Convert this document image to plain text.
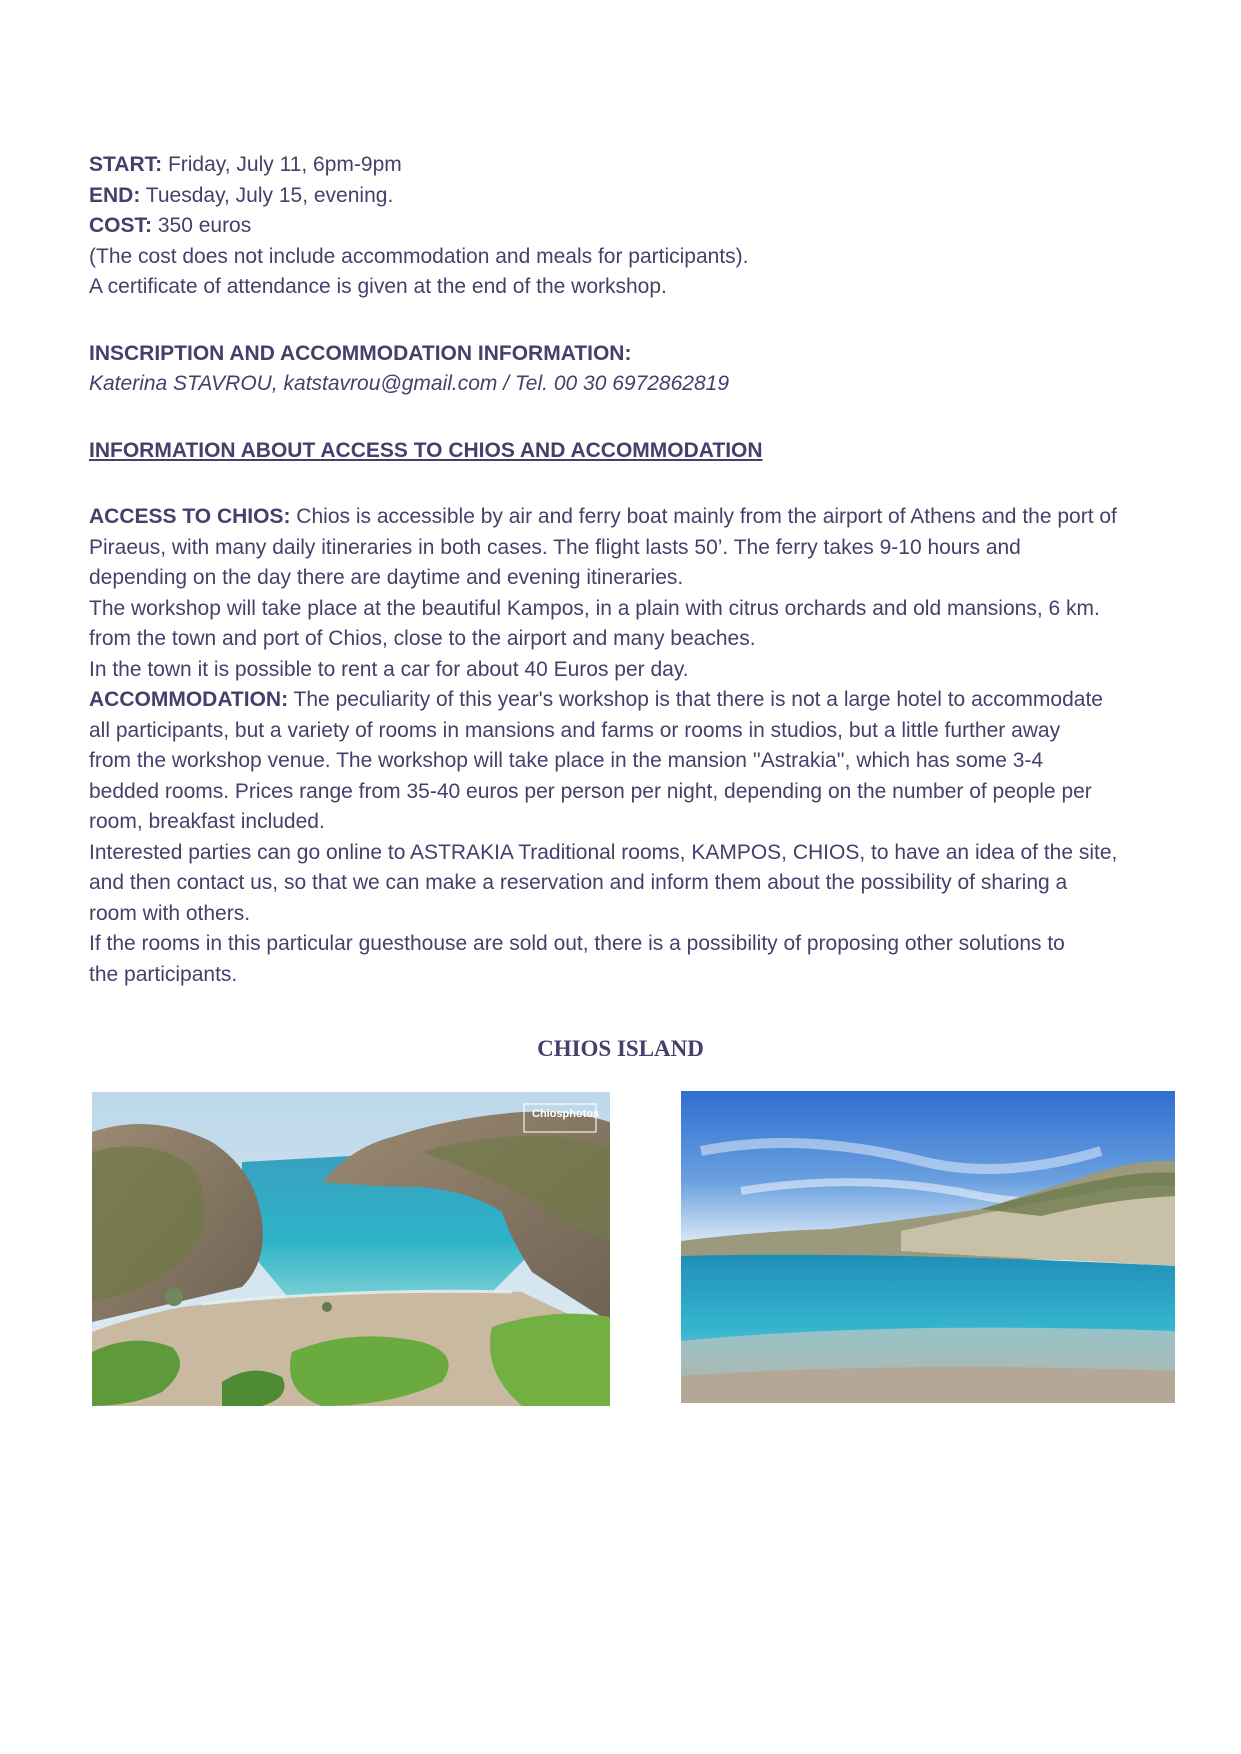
START: Friday, July 11, 6pm-9pm

END: Tuesday, July 15, evening.

COST: 350 euros

(The cost does not include accommodation and meals for participants).

A certificate of attendance is given at the end of the workshop.

INSCRIPTION AND ACCOMMODATION INFORMATION:

Katerina STAVROU, katstavrou@gmail.com / Tel. 00 30 6972862819

INFORMATION ABOUT ACCESS TO CHIOS AND ACCOMMODATION

ACCESS TO CHIOS: Chios is accessible by air and ferry boat mainly from the airport of Athens and the port of

Piraeus, with many daily itineraries in both cases. The flight lasts 50’. The ferry takes 9-10 hours and

depending on the day there are daytime and evening itineraries.

The workshop will take place at the beautiful Kampos, in a plain with citrus orchards and old mansions, 6 km.

from the town and port of Chios, close to the airport and many beaches.

In the town it is possible to rent a car for about 40 Euros per day.

ACCOMMODATION: The peculiarity of this year's workshop is that there is not a large hotel to accommodate

all participants, but a variety of rooms in mansions and farms or rooms in studios, but a little further away

from the workshop venue. The workshop will take place in the mansion ''Astrakia'', which has some 3-4

bedded rooms. Prices range from 35-40 euros per person per night, depending on the number of people per

room, breakfast included.

Interested parties can go online to ASTRAKIA Traditional rooms, KAMPOS, CHIOS, to have an idea of the site,

and then contact us, so that we can make a reservation and inform them about the possibility of sharing a

room with others.

If the rooms in this particular guesthouse are sold out, there is a possibility of proposing other solutions to

the participants.

CHIOS ISLAND
Chiosphotos
